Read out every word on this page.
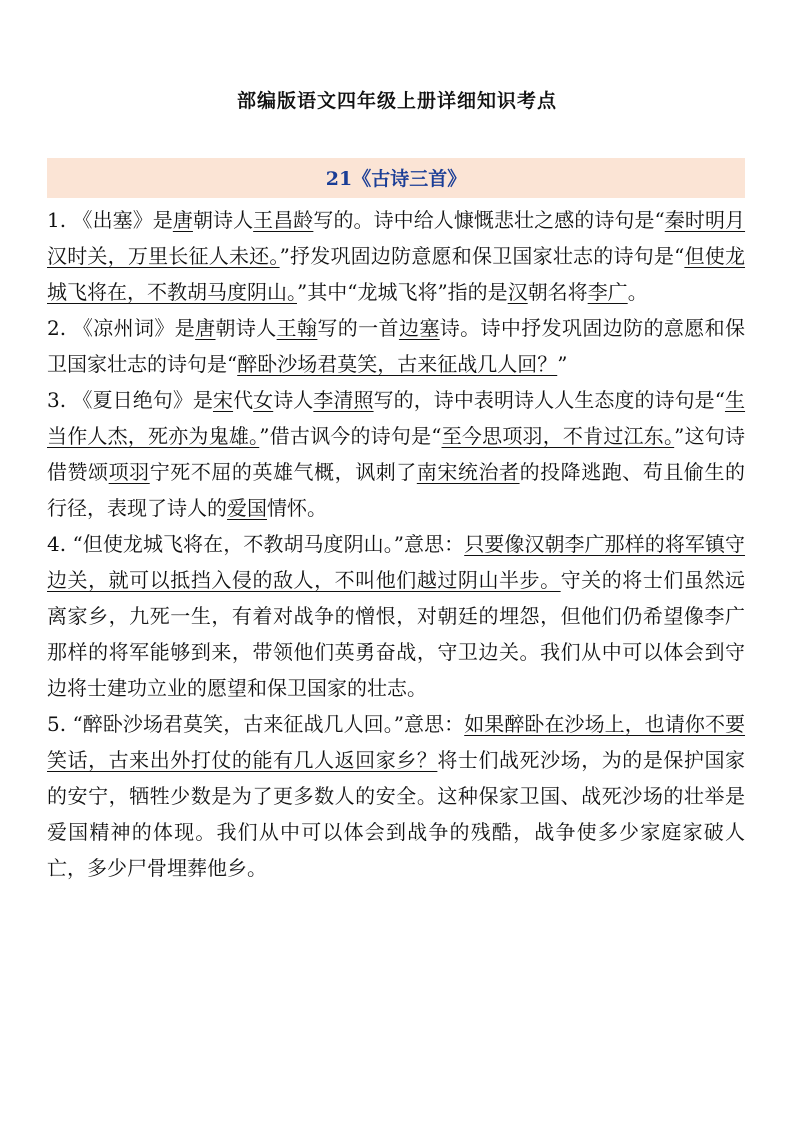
部编版语文四年级上册详细知识考点
21《古诗三首》

1. 《出塞》是唐朝诗人王昌龄写的。诗中给人慷慨悲壮之感的诗句是“秦时明月汉时关，万里长征人未还。”抒发巩固边防意愿和保卫国家壮志的诗句是“但使龙城飞将在，不教胡马度阴山。”其中“龙城飞将”指的是汉朝名将李广。

2. 《凉州词》是唐朝诗人王翰写的一首边塞诗。诗中抒发巩固边防的意愿和保卫国家壮志的诗句是“醉卧沙场君莫笑，古来征战几人回？”

3. 《夏日绝句》是宋代女诗人李清照写的，诗中表明诗人人生态度的诗句是“生当作人杰，死亦为鬼雄。”借古讽今的诗句是“至今思项羽，不肯过江东。”这句诗借赞颂项羽宁死不屈的英雄气概，讽刺了南宋统治者的投降逃跑、苟且偷生的行径，表现了诗人的爱国情怀。

4. “但使龙城飞将在，不教胡马度阴山。”意思：只要像汉朝李广那样的将军镇守边关，就可以抵挡入侵的敌人，不叫他们越过阴山半步。守关的将士们虽然远离家乡，九死一生，有着对战争的憎恨，对朝廷的埋怨，但他们仍希望像李广那样的将军能够到来，带领他们英勇奋战，守卫边关。我们从中可以体会到守边将士建功立业的愿望和保卫国家的壮志。

5. “醉卧沙场君莫笑，古来征战几人回。”意思：如果醉卧在沙场上，也请你不要笑话，古来出外打仗的能有几人返回家乡？将士们战死沙场，为的是保护国家的安宁，牺牲少数是为了更多数人的安全。这种保家卫国、战死沙场的壮举是爱国精神的体现。我们从中可以体会到战争的残酷，战争使多少家庭家破人亡，多少尸骨埋葬他乡。
